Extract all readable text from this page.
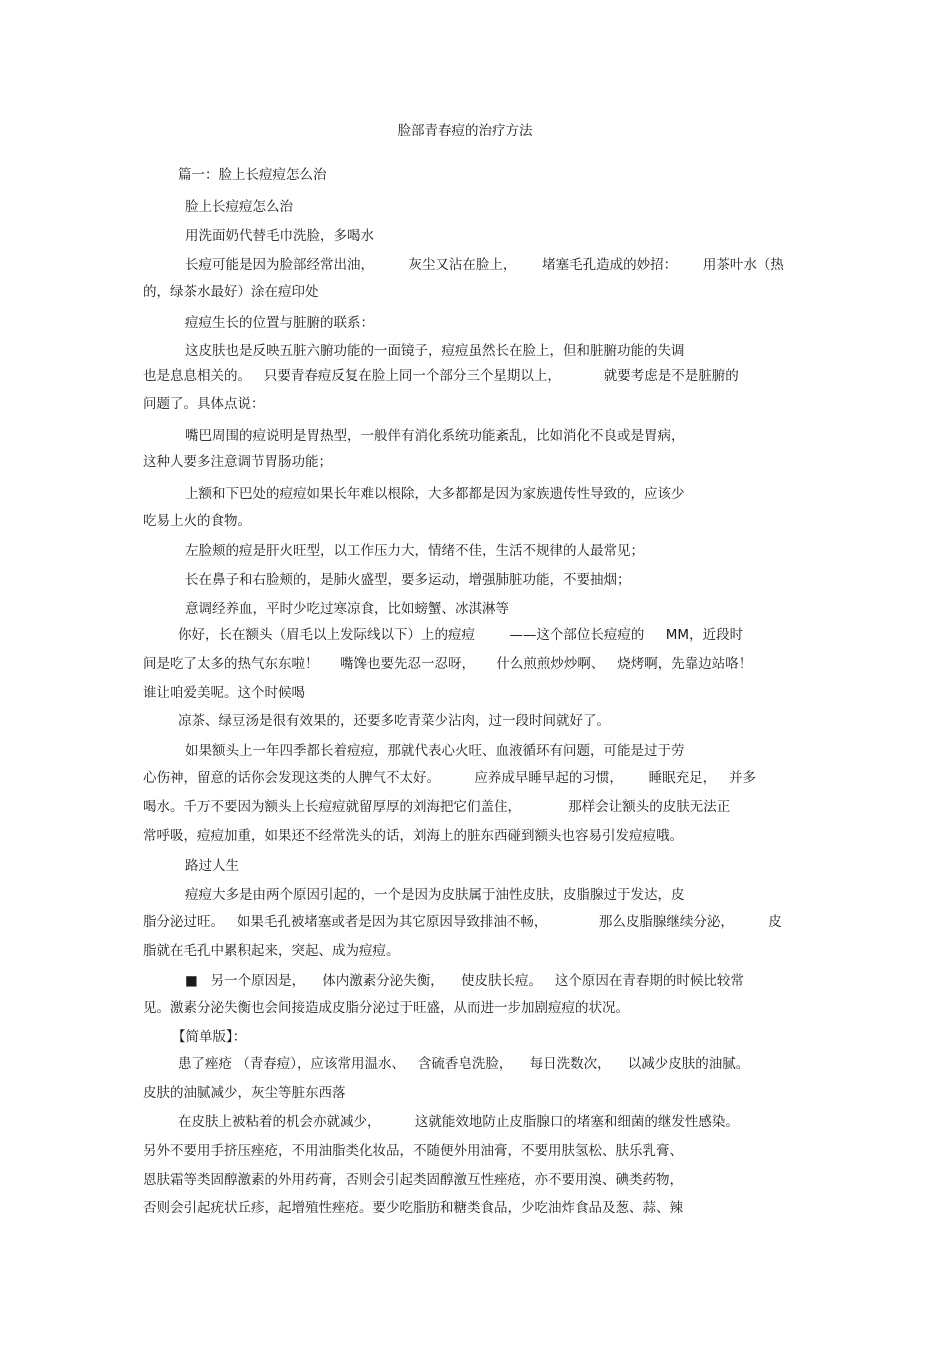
脸部青春痘的治疗方法
篇一：脸上长痘痘怎么治
脸上长痘痘怎么治
用洗面奶代替毛巾洗脸，多喝水
长痘可能是因为脸部经常出油，        灰尘又沾在脸上，      堵塞毛孔造成的妙招：      用茶叶水（热
的，绿茶水最好）涂在痘印处
痘痘生长的位置与脏腑的联系：
这皮肤也是反映五脏六腑功能的一面镜子，痘痘虽然长在脸上，但和脏腑功能的失调
也是息息相关的。   只要青春痘反复在脸上同一个部分三个星期以上，          就要考虑是不是脏腑的
问题了。具体点说：
嘴巴周围的痘说明是胃热型，一般伴有消化系统功能紊乱，比如消化不良或是胃病，
这种人要多注意调节胃肠功能；
上额和下巴处的痘痘如果长年难以根除，大多都都是因为家族遗传性导致的，应该少
吃易上火的食物。
左脸颊的痘是肝火旺型，以工作压力大，情绪不佳，生活不规律的人最常见；
长在鼻子和右脸颊的，是肺火盛型，要多运动，增强肺脏功能，不要抽烟；
意调经养血，平时少吃过寒凉食，比如螃蟹、冰淇淋等
你好，长在额头（眉毛以上发际线以下）上的痘痘        ——这个部位长痘痘的     MM，近段时
间是吃了太多的热气东东啦！     嘴馋也要先忍一忍呀，     什么煎煎炒炒啊、   烧烤啊，先靠边站咯！
谁让咱爱美呢。这个时候喝
凉茶、绿豆汤是很有效果的，还要多吃青菜少沾肉，过一段时间就好了。
如果额头上一年四季都长着痘痘，那就代表心火旺、血液循环有问题，可能是过于劳
心伤神，留意的话你会发现这类的人脾气不太好。        应养成早睡早起的习惯，      睡眠充足，   并多
喝水。千万不要因为额头上长痘痘就留厚厚的刘海把它们盖住，           那样会让额头的皮肤无法正
常呼吸，痘痘加重，如果还不经常洗头的话，刘海上的脏东西碰到额头也容易引发痘痘哦。
路过人生
痘痘大多是由两个原因引起的，一个是因为皮肤属于油性皮肤，皮脂腺过于发达，皮
脂分泌过旺。   如果毛孔被堵塞或者是因为其它原因导致排油不畅，            那么皮脂腺继续分泌，        皮
脂就在毛孔中累积起来，突起、成为痘痘。
■   另一个原因是，    体内激素分泌失衡，    使皮肤长痘。   这个原因在青春期的时候比较常
见。激素分泌失衡也会间接造成皮脂分泌过于旺盛，从而进一步加剧痘痘的状况。
【简单版】：
患了痤疮 （青春痘），应该常用温水、   含硫香皂洗脸，    每日洗数次，    以减少皮肤的油腻。
皮肤的油腻减少，灰尘等脏东西落
在皮肤上被粘着的机会亦就减少，        这就能效地防止皮脂腺口的堵塞和细菌的继发性感染。
另外不要用手挤压痤疮，不用油脂类化妆品，不随便外用油膏，不要用肤氢松、肤乐乳膏、
恩肤霜等类固醇激素的外用药膏，否则会引起类固醇激互性痤疮，亦不要用溴、碘类药物，
否则会引起疣状丘疹，起增殖性痤疮。要少吃脂肪和糖类食品，少吃油炸食品及葱、蒜、辣
